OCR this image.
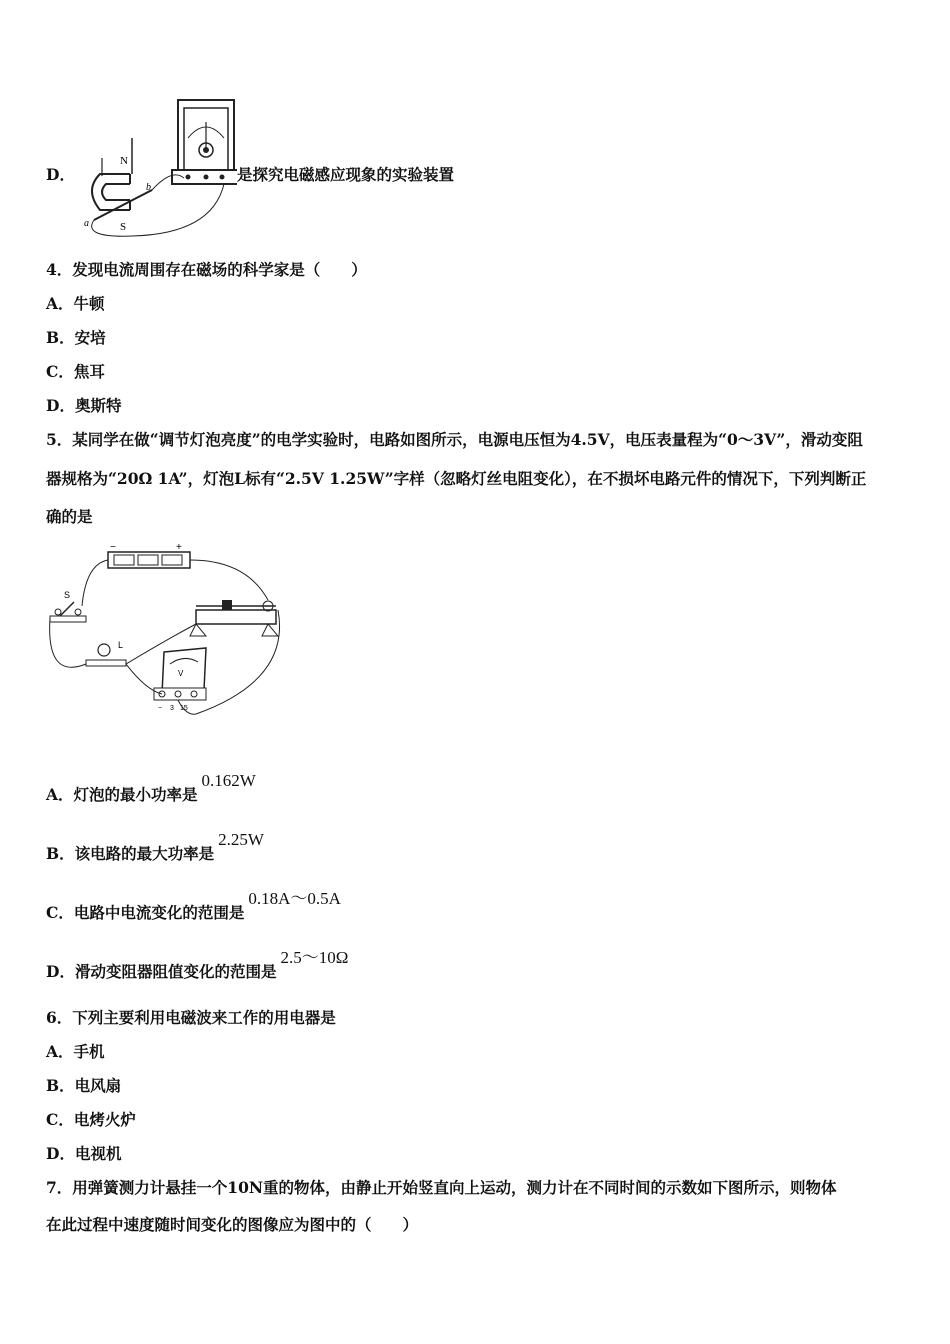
D．
N
S
a
b
是探究电磁感应现象的实验装置
4．发现电流周围存在磁场的科学家是（　　）
A．牛顿
B．安培
C．焦耳
D．奥斯特
5．某同学在做“调节灯泡亮度”的电学实验时，电路如图所示，电源电压恒为4.5V，电压表量程为“0～3V”，滑动变阻
器规格为“20Ω 1A”，灯泡L标有“2.5V 1.25W”字样（忽略灯丝电阻变化），在不损坏电路元件的情况下，下列判断正
确的是
−	+
S
L
V
− 3 15
A．灯泡的最小功率是0.162W
B．该电路的最大功率是2.25W
C．电路中电流变化的范围是0.18A～0.5A
D．滑动变阻器阻值变化的范围是2.5～10Ω
6．下列主要利用电磁波来工作的用电器是
A．手机
B．电风扇
C．电烤火炉
D．电视机
7．用弹簧测力计悬挂一个10N重的物体，由静止开始竖直向上运动，测力计在不同时间的示数如下图所示，则物体
在此过程中速度随时间变化的图像应为图中的（　　）
